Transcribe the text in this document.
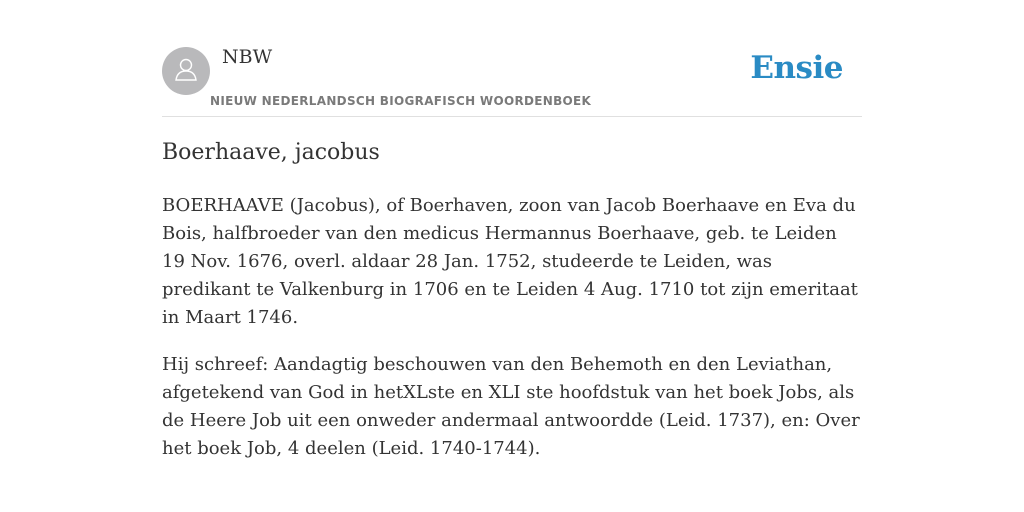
NBW
NIEUW NEDERLANDSCH BIOGRAFISCH WOORDENBOEK
Ensie
Boerhaave, jacobus

BOERHAAVE (Jacobus), of Boerhaven, zoon van Jacob Boerhaave en Eva du Bois, halfbroeder van den medicus Hermannus Boerhaave, geb. te Leiden 19 Nov. 1676, overl. aldaar 28 Jan. 1752, studeerde te Leiden, was predikant te Valkenburg in 1706 en te Leiden 4 Aug. 1710 tot zijn emeritaat in Maart 1746.

Hij schreef: Aandagtig beschouwen van den Behemoth en den Leviathan, afgetekend van God in hetXLste en XLI ste hoofdstuk van het boek Jobs, als de Heere Job uit een onweder andermaal antwoordde (Leid. 1737), en: Over het boek Job, 4 deelen (Leid. 1740-1744).
